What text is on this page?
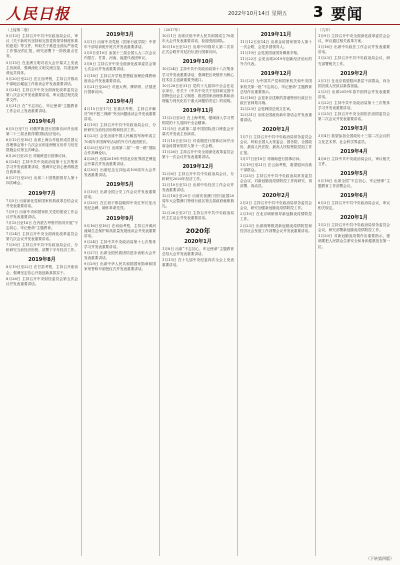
人民日报	2022年10月14日 星期五 3 要闻
（上接第二版）
5月13日 主持召开中共中央政治局会议，审议《关于新时代坚持和完善党的领导制度体系的意见》等文件，听取关于推进全面从严治党工作情况的汇报，研究部署下一阶段重点任务。
5月15日 在亚洲文明对话大会开幕式上发表主旨演讲，强调深化文明交流互鉴，共建亚洲命运共同体。
5月20日至22日 在江西考察，主持召开推动中部地区崛起工作座谈会并发表重要讲话。
5月24日 主持召开中央全面深化改革委员会第八次会议并发表重要讲话，审议通过相关改革文件。
5月31日 在“不忘初心、牢记使命”主题教育工作会议上发表重要讲话。
2019年6月
6月5日至7日 对俄罗斯进行国事访问并出席第二十三届圣彼得堡国际经济论坛。
6月12日至16日 出席上海合作组织成员国元首理事会第十九次会议和亚洲相互协作与信任措施会议第五次峰会。
6月20日至21日 对朝鲜进行国事访问。
6月24日 主持中共中央政治局第十五次集体学习并发表重要讲话，强调牢记初心使命推进自我革命。
6月27日至29日 出席二十国集团领导人第十四次峰会。
2019年7月
7月5日 出席深化党和国家机构改革总结会议并发表重要讲话。
7月9日 出席中央和国家机关党的建设工作会议并发表重要讲话。
7月15日至16日 在内蒙古考察并指导开展“不忘初心、牢记使命”主题教育。
7月24日 主持召开中央全面深化改革委员会第九次会议并发表重要讲话。
7月30日 主持召开中共中央政治局会议，分析研究当前经济形势，部署下半年经济工作。
2019年8月
8月19日至22日 在甘肃考察，主持召开座谈会，强调坚定信心开拓创新真抓实干。
8月26日 主持召开中央财经委员会第五次会议并发表重要讲话。
2019年3月
3月1日 出席中央党校（国家行政学院）中青年干部培训班开班式并发表重要讲话。
3月5日至10日 参加十三届全国人大二次会议内蒙古、甘肃、河南、福建代表团审议。
3月8日 主持召开中央全面深化改革委员会第七次会议并发表重要讲话。
3月18日 主持召开学校思想政治理论课教师座谈会并发表重要讲话。
3月21日至26日 对意大利、摩纳哥、法国进行国事访问。
2019年4月
4月15日至17日 在重庆考察，主持召开解决“两不愁三保障”突出问题座谈会并发表重要讲话。
4月19日 主持召开中共中央政治局会议，分析研究当前经济形势和经济工作。
4月23日 会见出席中国人民解放军海军成立70周年多国海军活动的外方代表团团长。
4月25日至27日 出席第二届“一带一路”国际合作高峰论坛。
4月28日 出席2019年中国北京世界园艺博览会开幕式并发表重要讲话。
4月30日 出席纪念五四运动100周年大会并发表重要讲话。
2019年5月
5月10日 出席全国公安工作会议并发表重要讲话。
5月20日 在江西于都县瞻仰中央红军长征出发纪念碑，缅怀革命先烈。
2019年9月
9月16日至18日 在河南考察，主持召开黄河流域生态保护和高质量发展座谈会并发表重要讲话。
9月24日 主持中共中央政治局第十七次集体学习并发表重要讲话。
9月27日 出席全国民族团结进步表彰大会并发表重要讲话。
9月29日 出席中华人民共和国国家勋章和国家荣誉称号颁授仪式并发表重要讲话。
（2017年）
10月1日 出席庆祝中华人民共和国成立70周年大会并发表重要讲话，检阅受阅部队。
10月10日至13日 出席中印领导人第二次非正式会晤并对尼泊尔进行国事访问。
2019年10月
10月24日 主持中共中央政治局第十八次集体学习并发表重要讲话，强调把区块链作为核心技术自主创新重要突破口。
10月28日至31日 党的十九届四中全会在北京举行，作关于《中共中央关于坚持和完善中国特色社会主义制度、推进国家治理体系和治理能力现代化若干重大问题的决定》的说明。
2019年11月
11月2日至3日 在上海考察，强调深入学习贯彻党的十九届四中全会精神。
11月5日 出席第二届中国国际进口博览会开幕式并发表主旨演讲。
11月10日至15日 对希腊进行国事访问并出席金砖国家领导人第十一次会晤。
11月26日 主持召开中央全面深化改革委员会第十一次会议并发表重要讲话。
2019年12月
12月6日 主持召开中共中央政治局会议，分析研究2020年经济工作。
12月10日至12日 出席中央经济工作会议并发表重要讲话。
12月18日至20日 出席庆祝澳门回归祖国20周年大会暨澳门特别行政区第五届政府就职典礼。
12月26日至27日 主持召开中共中央政治局民主生活会并发表重要讲话。
2020年
2020年1月
1月8日 出席“不忘初心、牢记使命”主题教育总结大会并发表重要讲话。
1月13日 在十九届中央纪委四次全会上发表重要讲话。
2019年11月
11月12日至14日 出席金砖国家领导人第十一次会晤，会见多国领导人。
11月19日 会见美国前国务卿基辛格。
11月22日 会见出席2019年创新经济论坛的外方代表。
2019年12月
12月2日 为中国共产党和国家机关和中央国家机关第一批“不忘初心、牢记使命”主题教育总结作出重要指示。
12月16日 会见来京述职的香港特别行政区行政长官林郑月娥。
12月23日 会见韩国总统文在寅。
12月31日 出席全国政协新年茶话会并发表重要讲话。
2020年1月
1月7日 主持召开中共中央政治局常务委员会会议，听取全国人大常委会、国务院、全国政协、最高人民法院、最高人民检察院党组工作汇报。
1月17日至18日 对缅甸进行国事访问。
1月19日至21日 在云南考察，看望慰问各族干部群众。
1月25日 主持召开中共中央政治局常务委员会会议，对新冠肺炎疫情防控工作再研究、再部署、再动员。
2020年2月
2月3日 主持召开中共中央政治局常务委员会会议，研究加强新冠肺炎疫情防控工作。
2月10日 在北京调研指导新冠肺炎疫情防控工作。
2月23日 出席统筹推进新冠肺炎疫情防控和经济社会发展工作部署会议并发表重要讲话。
（九年）
1月9日 主持召开中央全面深化改革委员会会议，审议通过相关改革方案。
1月16日 出席中央政法工作会议并发表重要讲话。
1月23日 主持召开中共中央政治局会议，研究部署相关工作。
2019年2月
2月1日 在北京看望慰问基层干部群众，向全国各族人民致以新春祝福。
2月3日 出席2019年春节团拜会并发表重要讲话。
2月22日 主持中共中央政治局第十三次集体学习并发表重要讲话。
2月25日 主持召开中央全面依法治国委员会第二次会议并发表重要讲话。
2019年3月
3月4日 看望参加全国政协十三届二次会议的文化艺术界、社会科学界委员。
2019年4月
4月8日 主持中共中央政治局会议，审议相关文件。
2019年5月
5月18日 出席全国“不忘初心、牢记使命”主题教育工作部署会议。
2019年6月
6月3日 主持召开中共中央政治局会议，审议相关规定。
2020年1月
1月2日 主持召开中共中央政治局常务委员会会议，研究部署新冠肺炎疫情防控工作。
1月20日 对新冠肺炎疫情作出重要指示，强调要把人民群众生命安全和身体健康放在第一位。
（下转第四版）
